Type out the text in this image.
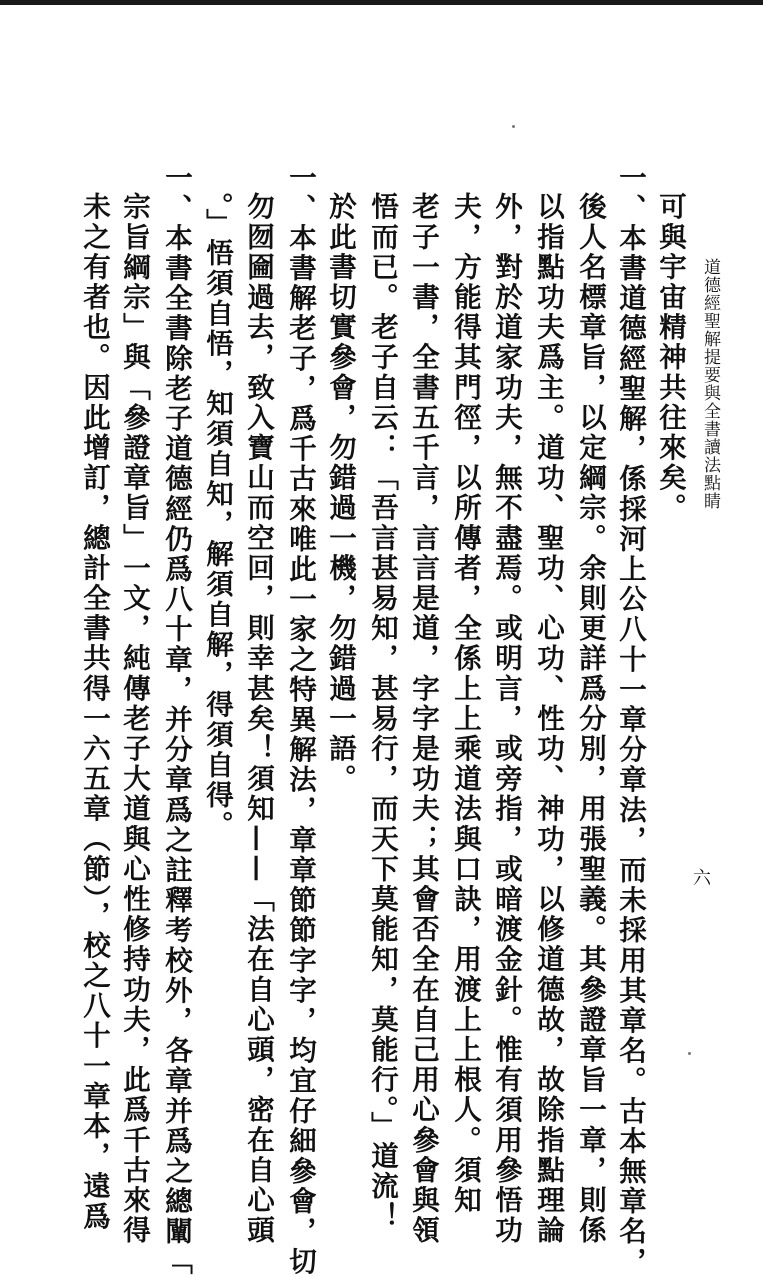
道德經聖解提要與全書讀法點睛
六
可與宇宙精神共往來矣。
一、本書道德經聖解，係採河上公八十一章分章法，而未採用其章名。古本無章名，
後人名標章旨，以定綱宗。余則更詳爲分別，用張聖義。其參證章旨一章，則係
以指點功夫爲主。道功、聖功、心功、性功、神功，以修道德故，故除指點理論
外，對於道家功夫，無不盡焉。或明言，或旁指，或暗渡金針。惟有須用參悟功
夫，方能得其門徑，以所傳者，全係上上乘道法與口訣，用渡上上根人。須知
老子一書，全書五千言，言言是道，字字是功夫；其會否全在自己用心參會與領
悟而已。老子自云：「吾言甚易知，甚易行，而天下莫能知，莫能行。」道流！
於此書切實參會，勿錯過一機，勿錯過一語。
一、本書解老子，爲千古來唯此一家之特異解法，章章節節字字，均宜仔細參會，切
勿囫圇過去，致入寶山而空回，則幸甚矣！須知——「法在自心頭，密在自心頭
。」悟須自悟，知須自知，解須自解，得須自得。
一、本書全書除老子道德經仍爲八十章，并分章爲之註釋考校外，各章并爲之總闡「
宗旨綱宗」與「參證章旨」一文，純傳老子大道與心性修持功夫，此爲千古來得
未之有者也。因此增訂，總計全書共得一六五章（節），校之八十一章本，遠爲
